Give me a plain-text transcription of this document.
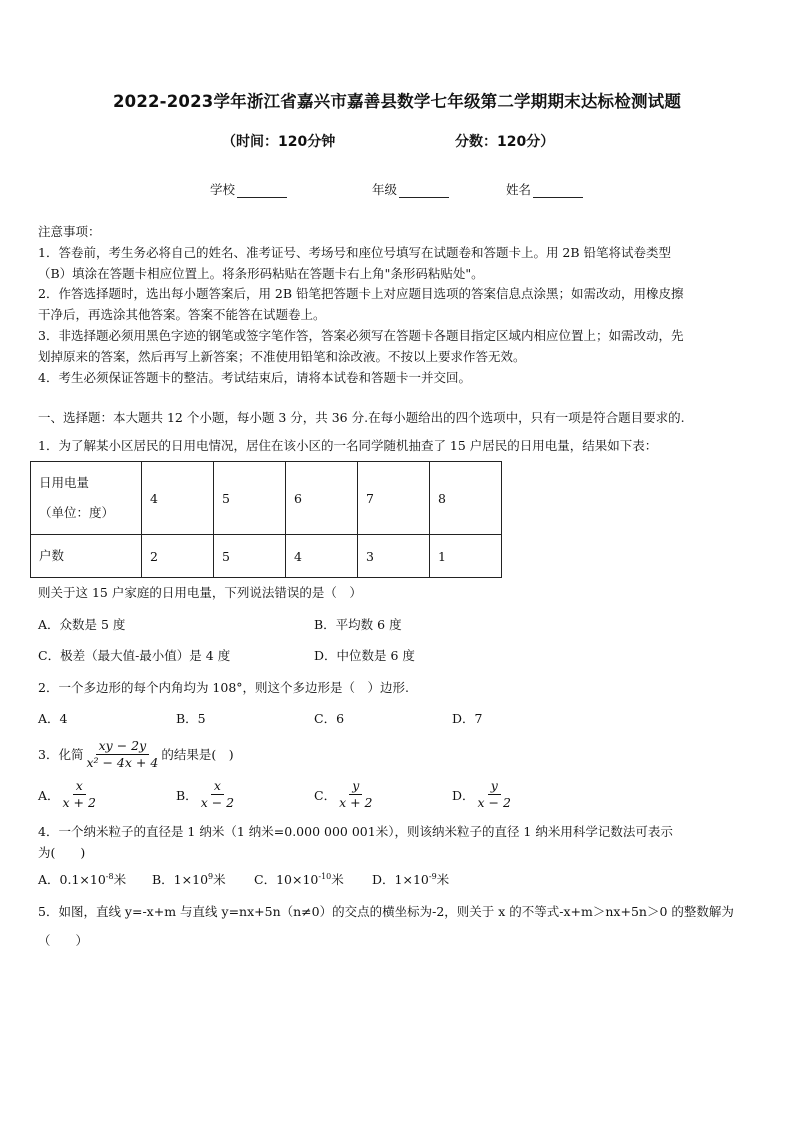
2022-2023学年浙江省嘉兴市嘉善县数学七年级第二学期期末达标检测试题
（时间：120分钟	分数：120分）
学校	年级	姓名

注意事项：

1．答卷前，考生务必将自己的姓名、准考证号、考场号和座位号填写在试题卷和答题卡上。用 2B 铅笔将试卷类型

（B）填涂在答题卡相应位置上。将条形码粘贴在答题卡右上角"条形码粘贴处"。

2．作答选择题时，选出每小题答案后，用 2B 铅笔把答题卡上对应题目选项的答案信息点涂黑；如需改动，用橡皮擦

干净后，再选涂其他答案。答案不能答在试题卷上。

3．非选择题必须用黑色字迹的钢笔或签字笔作答，答案必须写在答题卡各题目指定区域内相应位置上；如需改动，先

划掉原来的答案，然后再写上新答案；不准使用铅笔和涂改液。不按以上要求作答无效。

4．考生必须保证答题卡的整洁。考试结束后，请将本试卷和答题卡一并交回。

一、选择题：本大题共 12 个小题，每小题 3 分，共 36 分.在每小题给出的四个选项中，只有一项是符合题目要求的.
1．为了解某小区居民的日用电情况，居住在该小区的一名同学随机抽查了 15 户居民的日用电量，结果如下表：
日用电量
（单位：度）	4	5	6	7	8
户数	2	5	4	3	1
则关于这 15 户家庭的日用电量，下列说法错误的是（　）
A．众数是 5 度	B．平均数 6 度
C．极差（最大值-最小值）是 4 度	D．中位数是 6 度
2．一个多边形的每个内角均为 108°，则这个多边形是（　）边形.
A．4	B．5	C．6	D．7
3．化简 $\frac{xy - 2y}{\text{x² − 4x + 4}}$ 的结果是(　)
A． $\frac{x}{x + 2}$	B． $\frac{x}{x - 2}$	C． $\frac{y}{x + 2}$	D． $\frac{y}{x - 2}$
4．一个纳米粒子的直径是 1 纳米（1 纳米=0.000 000 001米），则该纳米粒子的直径 1 纳米用科学记数法可表示
为(　　)
A．$0.1\times 10^{-8}$米 B．$1\times 10^9$米 C．$10\times 10^{-10}$米 D．$1\times 10^{-9}$米
5．如图，直线 y=-x+m 与直线 y=nx+5n（n≠0）的交点的横坐标为-2，则关于 x 的不等式-x+m＞nx+5n＞0 的整数解为
（　　）
